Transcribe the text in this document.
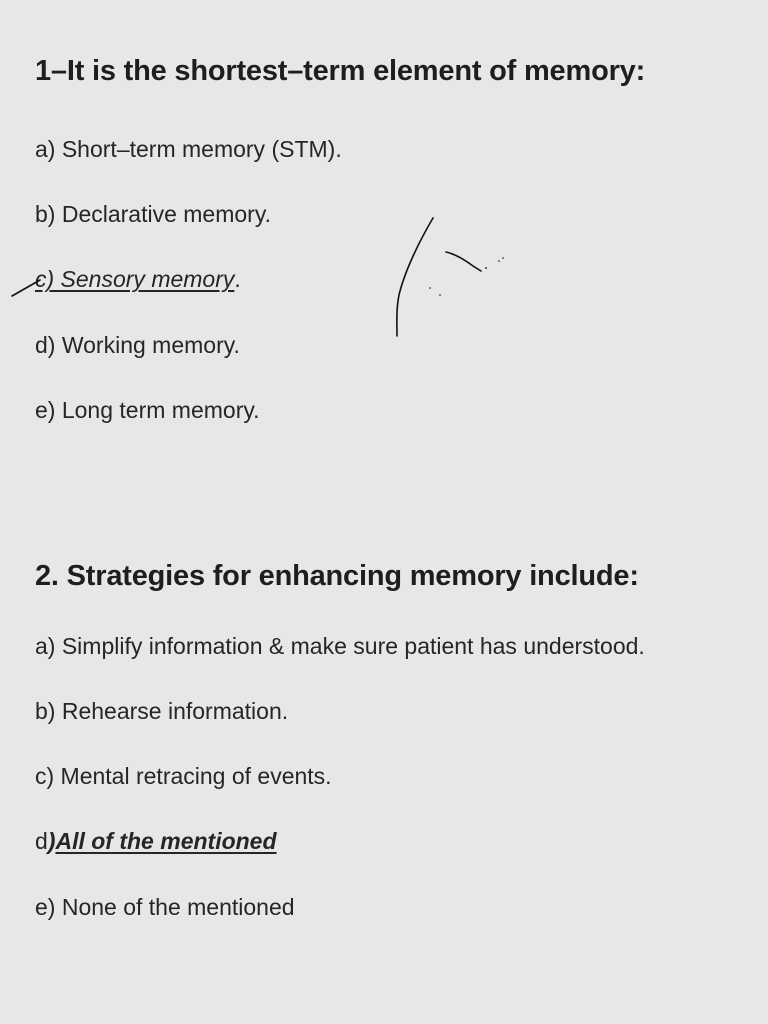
1–It is the shortest–term element of memory:

a) Short–term memory (STM).

b) Declarative memory.

c) Sensory memory.

d) Working memory.

e) Long term memory.

2. Strategies for enhancing memory include:

a) Simplify information & make sure patient has understood.

b) Rehearse information.

c) Mental retracing of events.

d)All of the mentioned

e) None of the mentioned
